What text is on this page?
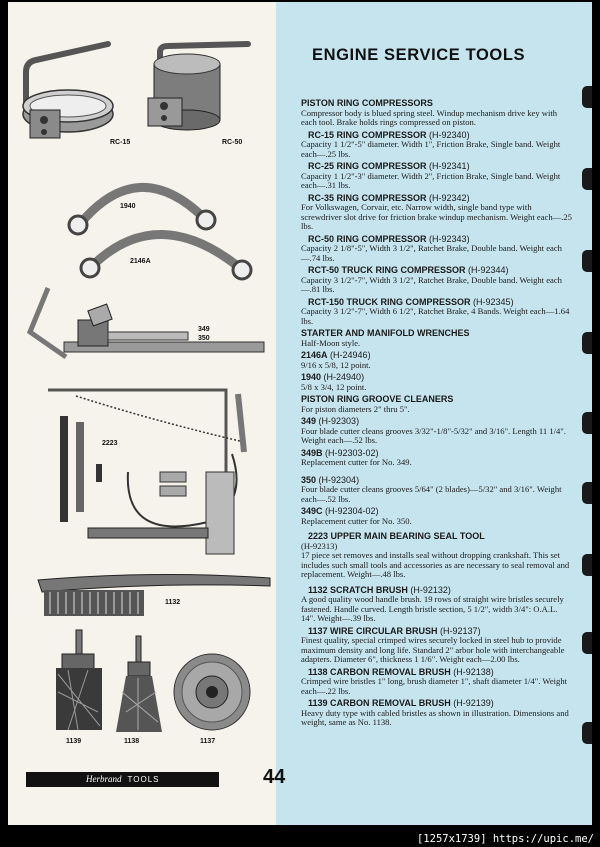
RC-15	RC-50
1940
2146A
349
350
2223
1132
1139	1138	1137
ENGINE SERVICE TOOLS
PISTON RING COMPRESSORS
Compressor body is blued spring steel. Windup mechanism drive key with each tool. Brake holds rings compressed on piston.
RC-15 RING COMPRESSOR (H-92340)
Capacity 1 1/2"-5" diameter. Width 1", Friction Brake, Single band. Weight each—.25 lbs.
RC-25 RING COMPRESSOR (H-92341)
Capacity 1 1/2"-3" diameter. Width 2", Friction Brake, Single band. Weight each—.31 lbs.
RC-35 RING COMPRESSOR (H-92342)
For Volkswagen, Corvair, etc. Narrow width, single band type with screwdriver slot drive for friction brake windup mechanism. Weight each—.25 lbs.
RC-50 RING COMPRESSOR (H-92343)
Capacity 2 1/8"-5", Width 3 1/2", Ratchet Brake, Double band. Weight each—.74 lbs.
RCT-50 TRUCK RING COMPRESSOR (H-92344)
Capacity 3 1/2"-7", Width 3 1/2", Ratchet Brake, Double band. Weight each—.81 lbs.
RCT-150 TRUCK RING COMPRESSOR (H-92345)
Capacity 3 1/2"-7", Width 6 1/2", Ratchet Brake, 4 Bands. Weight each—1.64 lbs.
STARTER AND MANIFOLD WRENCHES
Half-Moon style.
2146A (H-24946)
9/16 x 5/8, 12 point.
1940 (H-24940)
5/8 x 3/4, 12 point.
PISTON RING GROOVE CLEANERS
For piston diameters 2" thru 5".
349 (H-92303)
Four blade cutter cleans grooves 3/32"-1/8"-5/32" and 3/16". Length 11 1/4". Weight each—.52 lbs.
349B (H-92303-02)
Replacement cutter for No. 349.
350 (H-92304)
Four blade cutter cleans grooves 5/64" (2 blades)—5/32" and 3/16". Weight each—.52 lbs.
349C (H-92304-02)
Replacement cutter for No. 350.
2223 UPPER MAIN BEARING SEAL TOOL
(H-92313)
17 piece set removes and installs seal without dropping crankshaft. This set includes such small tools and accessories as are necessary to seal removal and replacement. Weight—.48 lbs.
1132 SCRATCH BRUSH (H-92132)
A good quality wood handle brush. 19 rows of straight wire bristles securely fastened. Handle curved. Length bristle section, 5 1/2", width 3/4": O.A.L. 14". Weight—.39 lbs.
1137 WIRE CIRCULAR BRUSH (H-92137)
Finest quality, special crimped wires securely locked in steel hub to provide maximum density and long life. Standard 2" arbor hole with interchangeable adapters. Diameter 6", thickness 1 1/6". Weight each—2.00 lbs.
1138 CARBON REMOVAL BRUSH (H-92138)
Crimped wire bristles 1" long, brush diameter 1", shaft diameter 1/4". Weight each—.22 lbs.
1139 CARBON REMOVAL BRUSH (H-92139)
Heavy duty type with cabled bristles as shown in illustration. Dimensions and weight, same as No. 1138.
Herbrand TOOLS	44
[1257x1739] https://upic.me/
